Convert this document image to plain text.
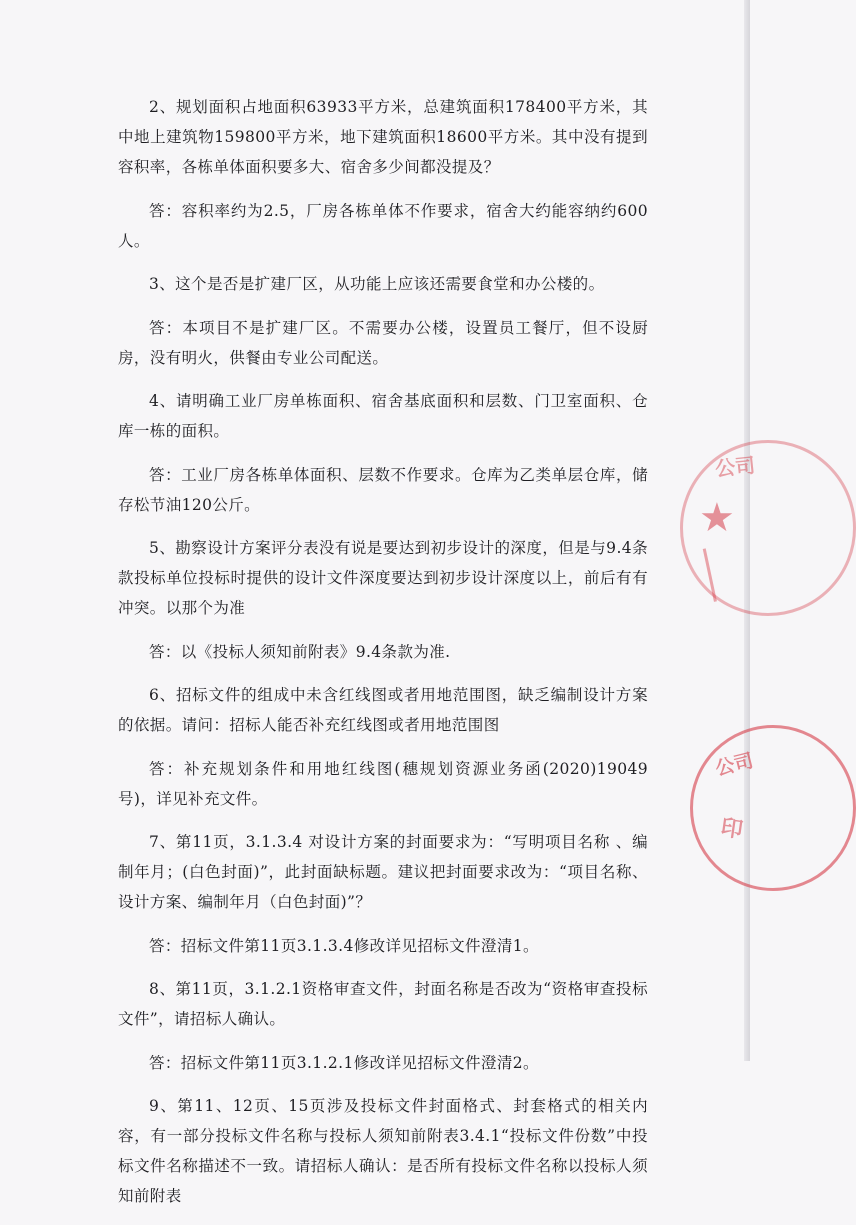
2、规划面积占地面积63933平方米，总建筑面积178400平方米，其中地上建筑物159800平方米，地下建筑面积18600平方米。其中没有提到容积率，各栋单体面积要多大、宿舍多少间都没提及？

答：容积率约为2.5，厂房各栋单体不作要求，宿舍大约能容纳约600人。

3、这个是否是扩建厂区，从功能上应该还需要食堂和办公楼的。

答：本项目不是扩建厂区。不需要办公楼，设置员工餐厅，但不设厨房，没有明火，供餐由专业公司配送。

4、请明确工业厂房单栋面积、宿舍基底面积和层数、门卫室面积、仓库一栋的面积。

答：工业厂房各栋单体面积、层数不作要求。仓库为乙类单层仓库，储存松节油120公斤。

5、勘察设计方案评分表没有说是要达到初步设计的深度，但是与9.4条款投标单位投标时提供的设计文件深度要达到初步设计深度以上，前后有有冲突。以那个为准

答：以《投标人须知前附表》9.4条款为准.

6、招标文件的组成中未含红线图或者用地范围图，缺乏编制设计方案的依据。请问：招标人能否补充红线图或者用地范围图

答：补充规划条件和用地红线图(穗规划资源业务函(2020)19049号)，详见补充文件。

7、第11页，3.1.3.4 对设计方案的封面要求为：“写明项目名称 、编制年月；(白色封面)”，此封面缺标题。建议把封面要求改为：“项目名称、设计方案、编制年月（白色封面)”？

答：招标文件第11页3.1.3.4修改详见招标文件澄清1。

8、第11页，3.1.2.1资格审查文件，封面名称是否改为“资格审查投标文件”，请招标人确认。

答：招标文件第11页3.1.2.1修改详见招标文件澄清2。

9、第11、12页、15页涉及投标文件封面格式、封套格式的相关内容，有一部分投标文件名称与投标人须知前附表3.4.1“投标文件份数”中投标文件名称描述不一致。请招标人确认：是否所有投标文件名称以投标人须知前附表

公司
★
公司
印
